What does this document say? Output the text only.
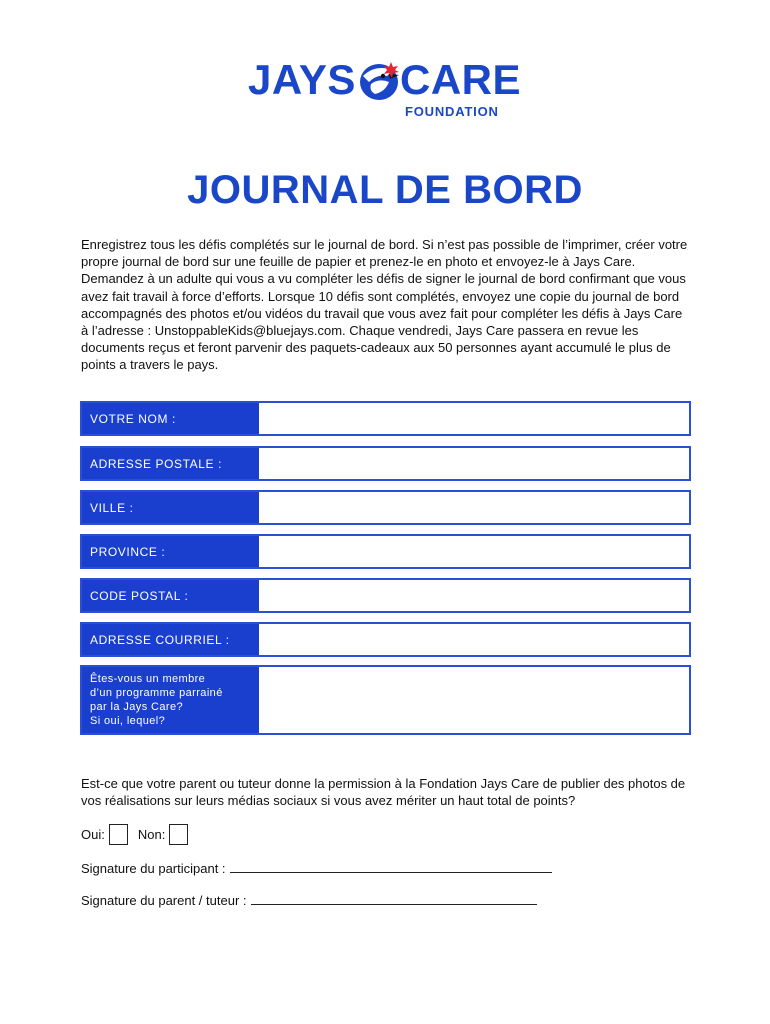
JAYS CARE
FOUNDATION
JOURNAL DE BORD
Enregistrez tous les défis complétés sur le journal de bord. Si n’est pas possible de l’imprimer, créer votre propre journal de bord sur une feuille de papier et prenez-le en photo et envoyez-le à Jays Care. Demandez à un adulte qui vous a vu compléter les défis de signer le journal de bord confirmant que vous avez fait travail à force d’efforts. Lorsque 10 défis sont complétés, envoyez une copie du journal de bord accompagnés des photos et/ou vidéos du travail que vous avez fait pour compléter les défis à Jays Care à l’adresse : UnstoppableKids@bluejays.com. Chaque vendredi, Jays Care passera en revue les documents reçus et feront parvenir des paquets-cadeaux aux 50 personnes ayant accumulé le plus de points a travers le pays.
VOTRE NOM :
ADRESSE POSTALE :
VILLE :
PROVINCE :
CODE POSTAL :
ADRESSE COURRIEL :
Êtes-vous un membre
d’un programme parrainé
par la Jays Care?
Si oui, lequel?
Est-ce que votre parent ou tuteur donne la permission à la Fondation Jays Care de publier des photos de vos réalisations sur leurs médias sociaux si vous avez mériter un haut total de points?
Oui:	Non:
Signature du participant :
Signature du parent / tuteur :
